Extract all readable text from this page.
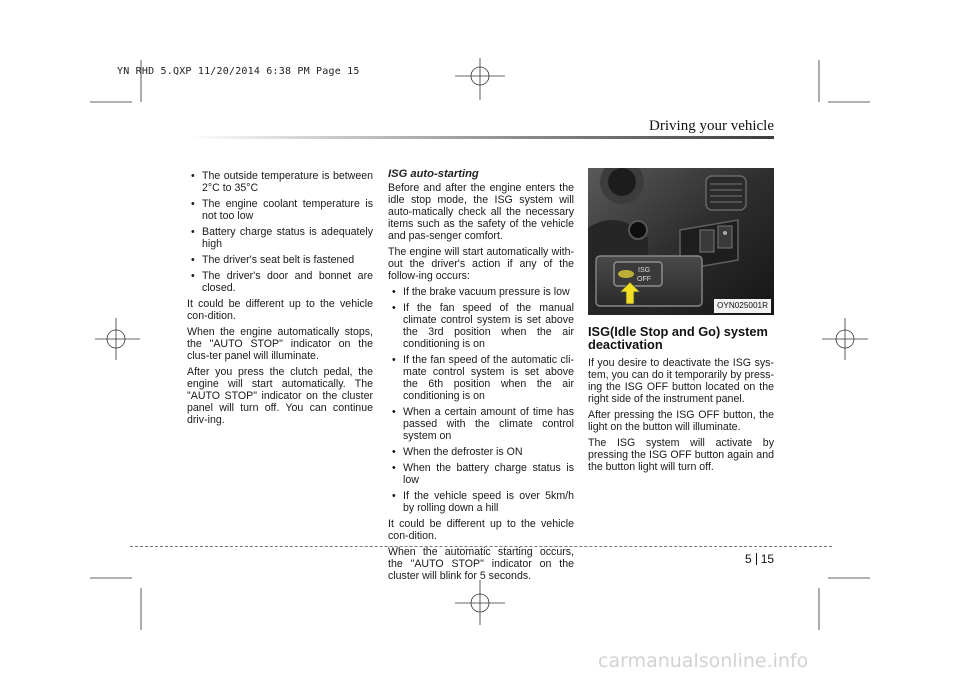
YN RHD 5.QXP 11/20/2014 6:38 PM Page 15
Driving your vehicle
• The outside temperature is between 2°C to 35°C
• The engine coolant temperature is not too low
• Battery charge status is adequately high
• The driver's seat belt is fastened
• The driver's door and bonnet are closed.

It could be different up to the vehicle con-dition.

When the engine automatically stops, the "AUTO STOP" indicator on the clus-ter panel will illuminate.

After you press the clutch pedal, the engine will start automatically. The "AUTO STOP" indicator on the cluster panel will turn off. You can continue driv-ing.

ISG auto-starting

Before and after the engine enters the idle stop mode, the ISG system will auto-matically check all the necessary items such as the safety of the vehicle and pas-senger comfort.

The engine will start automatically with-out the driver's action if any of the follow-ing occurs:

• If the brake vacuum pressure is low
• If the fan speed of the manual climate control system is set above the 3rd position when the air conditioning is on
• If the fan speed of the automatic cli-mate control system is set above the 6th position when the air conditioning is on
• When a certain amount of time has passed with the climate control system on
• When the defroster is ON
• When the battery charge status is low
• If the vehicle speed is over 5km/h by rolling down a hill

It could be different up to the vehicle con-dition.

When the automatic starting occurs, the "AUTO STOP" indicator on the cluster will blink for 5 seconds.

ISG
OFF
OYN025001R
ISG(Idle Stop and Go) system deactivation

If you desire to deactivate the ISG sys-tem, you can do it temporarily by press-ing the ISG OFF button located on the right side of the instrument panel.

After pressing the ISG OFF button, the light on the button will illuminate.

The ISG system will activate by pressing the ISG OFF button again and the button light will turn off.

5 15
carmanualsonline.info
